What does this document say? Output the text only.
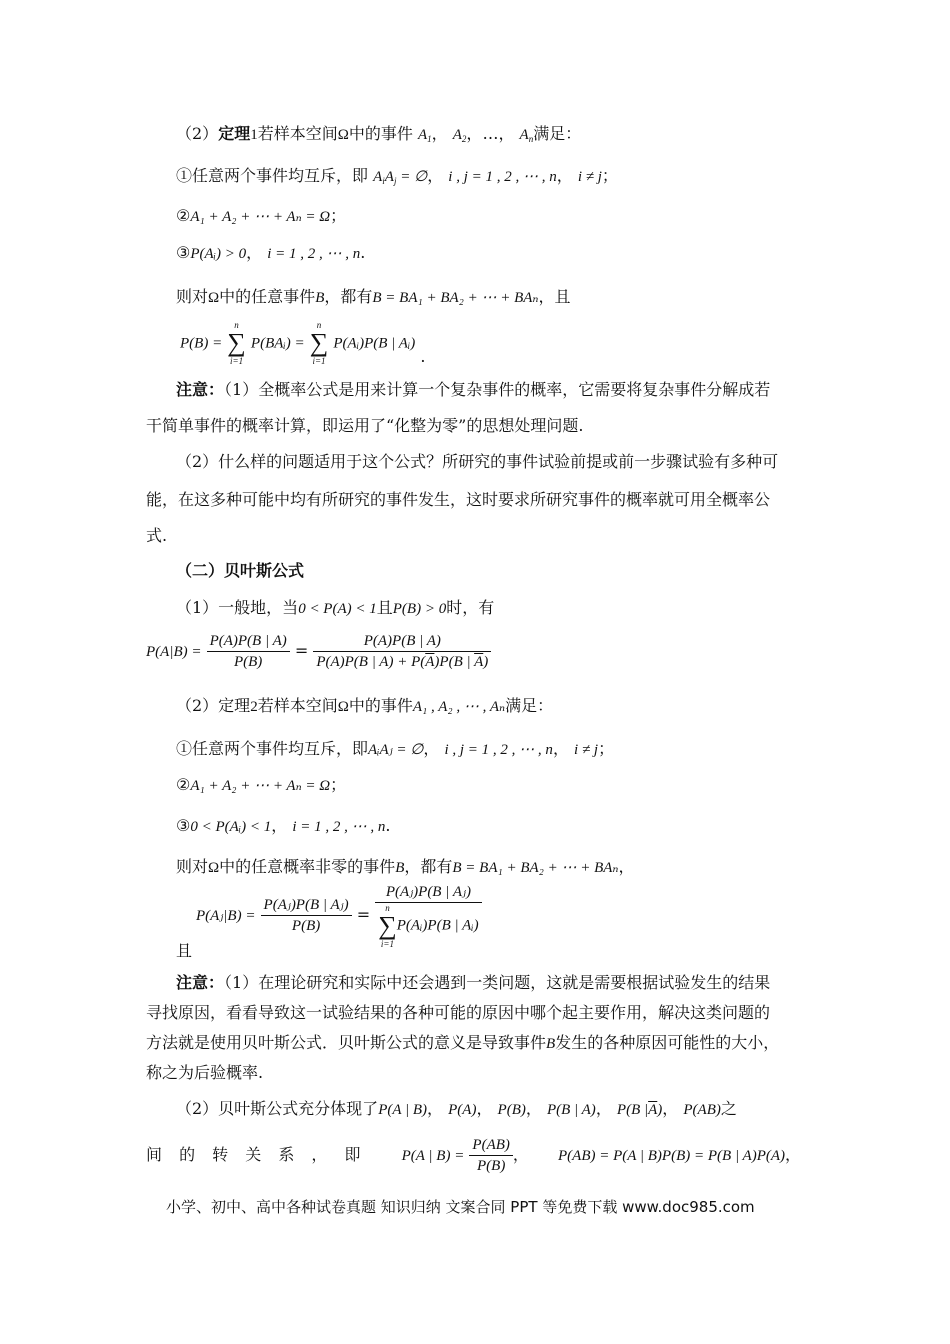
（2）定理1若样本空间Ω中的事件 $A_1$， $A_2$，…， $A_n$满足：
①任意两个事件均互斥，即 $A_iA_j$ = ∅， i , j = 1 , 2 , ⋯ , n， i ≠ j；
②A₁ + A₂ + ⋯ + Aₙ = Ω；
③P(Aᵢ) > 0， i = 1 , 2 , ⋯ , n.
则对Ω中的任意事件B，都有B = BA₁ + BA₂ + ⋯ + BAₙ，且
P(B) =
n
∑
i=1
P(BAᵢ) =
n
∑
i=1
P(Aᵢ)P(B | Aᵢ) .
注意：（1）全概率公式是用来计算一个复杂事件的概率，它需要将复杂事件分解成若
干简单事件的概率计算，即运用了“化整为零”的思想处理问题.
（2）什么样的问题适用于这个公式？所研究的事件试验前提或前一步骤试验有多种可
能，在这多种可能中均有所研究的事件发生，这时要求所研究事件的概率就可用全概率公
式.
（二）贝叶斯公式
（1）一般地，当0 < P(A) < 1且P(B) > 0时，有
$P(A|B) = \frac{P(A)P(B | A)}{P(B)} = \frac{P(A)P(B | A)}{P(A)P(B | A) + P(\overline{A})P(B | \overline{A})}$
（2）定理2若样本空间Ω中的事件A₁ , A₂ , ⋯ , Aₙ满足：
①任意两个事件均互斥，即AᵢAⱼ = ∅， i , j = 1 , 2 , ⋯ , n， i ≠ j；
②A₁ + A₂ + ⋯ + Aₙ = Ω；
③0 < P(Aᵢ) < 1， i = 1 , 2 , ⋯ , n.
则对Ω中的任意概率非零的事件B，都有B = BA₁ + BA₂ + ⋯ + BAₙ，
P(Aⱼ|B) = $\frac{\text{P(Aⱼ)P(B | Aⱼ)}}{P(B)}$ = P(Aⱼ)P(B | Aⱼ)
n
∑
i=1
P(Aᵢ)P(B | Aᵢ)
且
注意：（1）在理论研究和实际中还会遇到一类问题，这就是需要根据试验发生的结果
寻找原因，看看导致这一试验结果的各种可能的原因中哪个起主要作用，解决这类问题的
方法就是使用贝叶斯公式．贝叶斯公式的意义是导致事件B发生的各种原因可能性的大小，
称之为后验概率.
（2）贝叶斯公式充分体现了P(A | B)， P(A)， P(B)， P(B | A)， P(B $|\overline{A}$)， P(AB)之
间 的 转 关 系 ， 即 P(A | $B) = \frac{P(AB)}{P(B)}$ ， P(AB) = P(A | B)P(B) = P(B | A)P(A)，
小学、初中、高中各种试卷真题 知识归纳 文案合同 PPT 等免费下载 www.doc985.com
